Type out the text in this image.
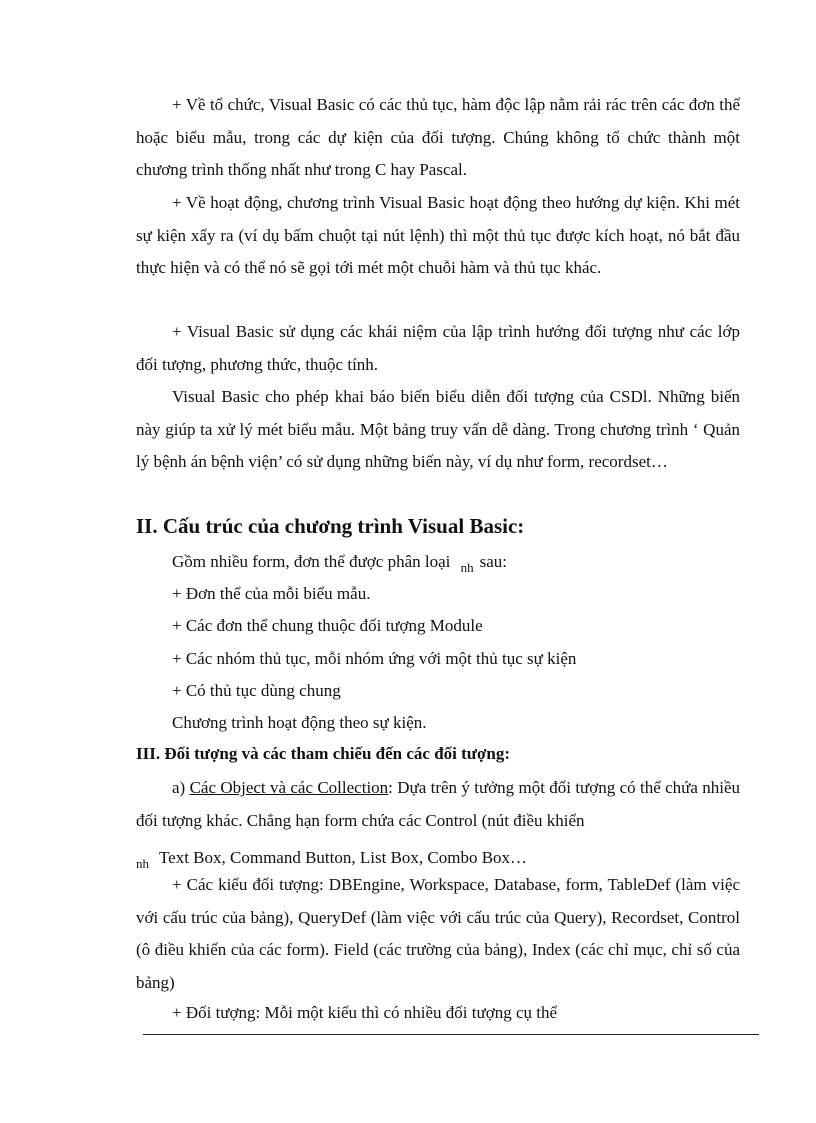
+ Về tổ chức, Visual Basic có các thủ tục, hàm độc lập nằm rải rác trên các đơn thể hoặc biểu mẫu, trong các dự kiện của đối tượng. Chúng không tổ chức thành một chương trình thống nhất như trong C hay Pascal.

+ Về hoạt động, chương trình Visual Basic hoạt động theo hướng dự kiện. Khi mét sự kiện xẩy ra (ví dụ bấm chuột tại nút lệnh) thì một thủ tục được kích hoạt, nó bắt đầu thực hiện và có thể nó sẽ gọi tới mét một chuỗi hàm và thủ tục khác.

+ Visual Basic sử dụng các khái niệm của lập trình hướng đối tượng như các lớp đối tượng, phương thức, thuộc tính.

Visual Basic cho phép khai báo biến biểu diễn đối tượng của CSDl. Những biến này giúp ta xử lý mét biểu mẫu. Một bảng truy vấn dễ dàng. Trong chương trình ‘ Quản lý bệnh án bệnh viện’ có sử dụng những biến này, ví dụ như form, recordset…

II. Cấu trúc của chương trình Visual Basic:

Gồm nhiều form, đơn thể được phân loại $_{nh}$ sau:

+ Đơn thể của mỗi biểu mẫu.

+ Các đơn thể chung thuộc đối tượng Module

+ Các nhóm thủ tục, mỗi nhóm ứng với một thủ tục sự kiện

+ Có thủ tục dùng chung

Chương trình hoạt động theo sự kiện.

III. Đối tượng và các tham chiếu đến các đối tượng:

a) Các Object và các Collection: Dựa trên ý tưởng một đối tượng có thể chứa nhiều đối tượng khác. Chẳng hạn form chứa các Control (nút điều khiển

$_{nh}$ Text Box, Command Button, List Box, Combo Box…

+ Các kiểu đối tượng: DBEngine, Workspace, Database, form, TableDef (làm việc với cấu trúc của bảng), QueryDef (làm việc với cấu trúc của Query), Recordset, Control (ô điều khiển của các form). Field (các trường của bảng), Index (các chỉ mục, chỉ số của bảng)

+ Đối tượng: Mỗi một kiểu thì có nhiều đối tượng cụ thể
